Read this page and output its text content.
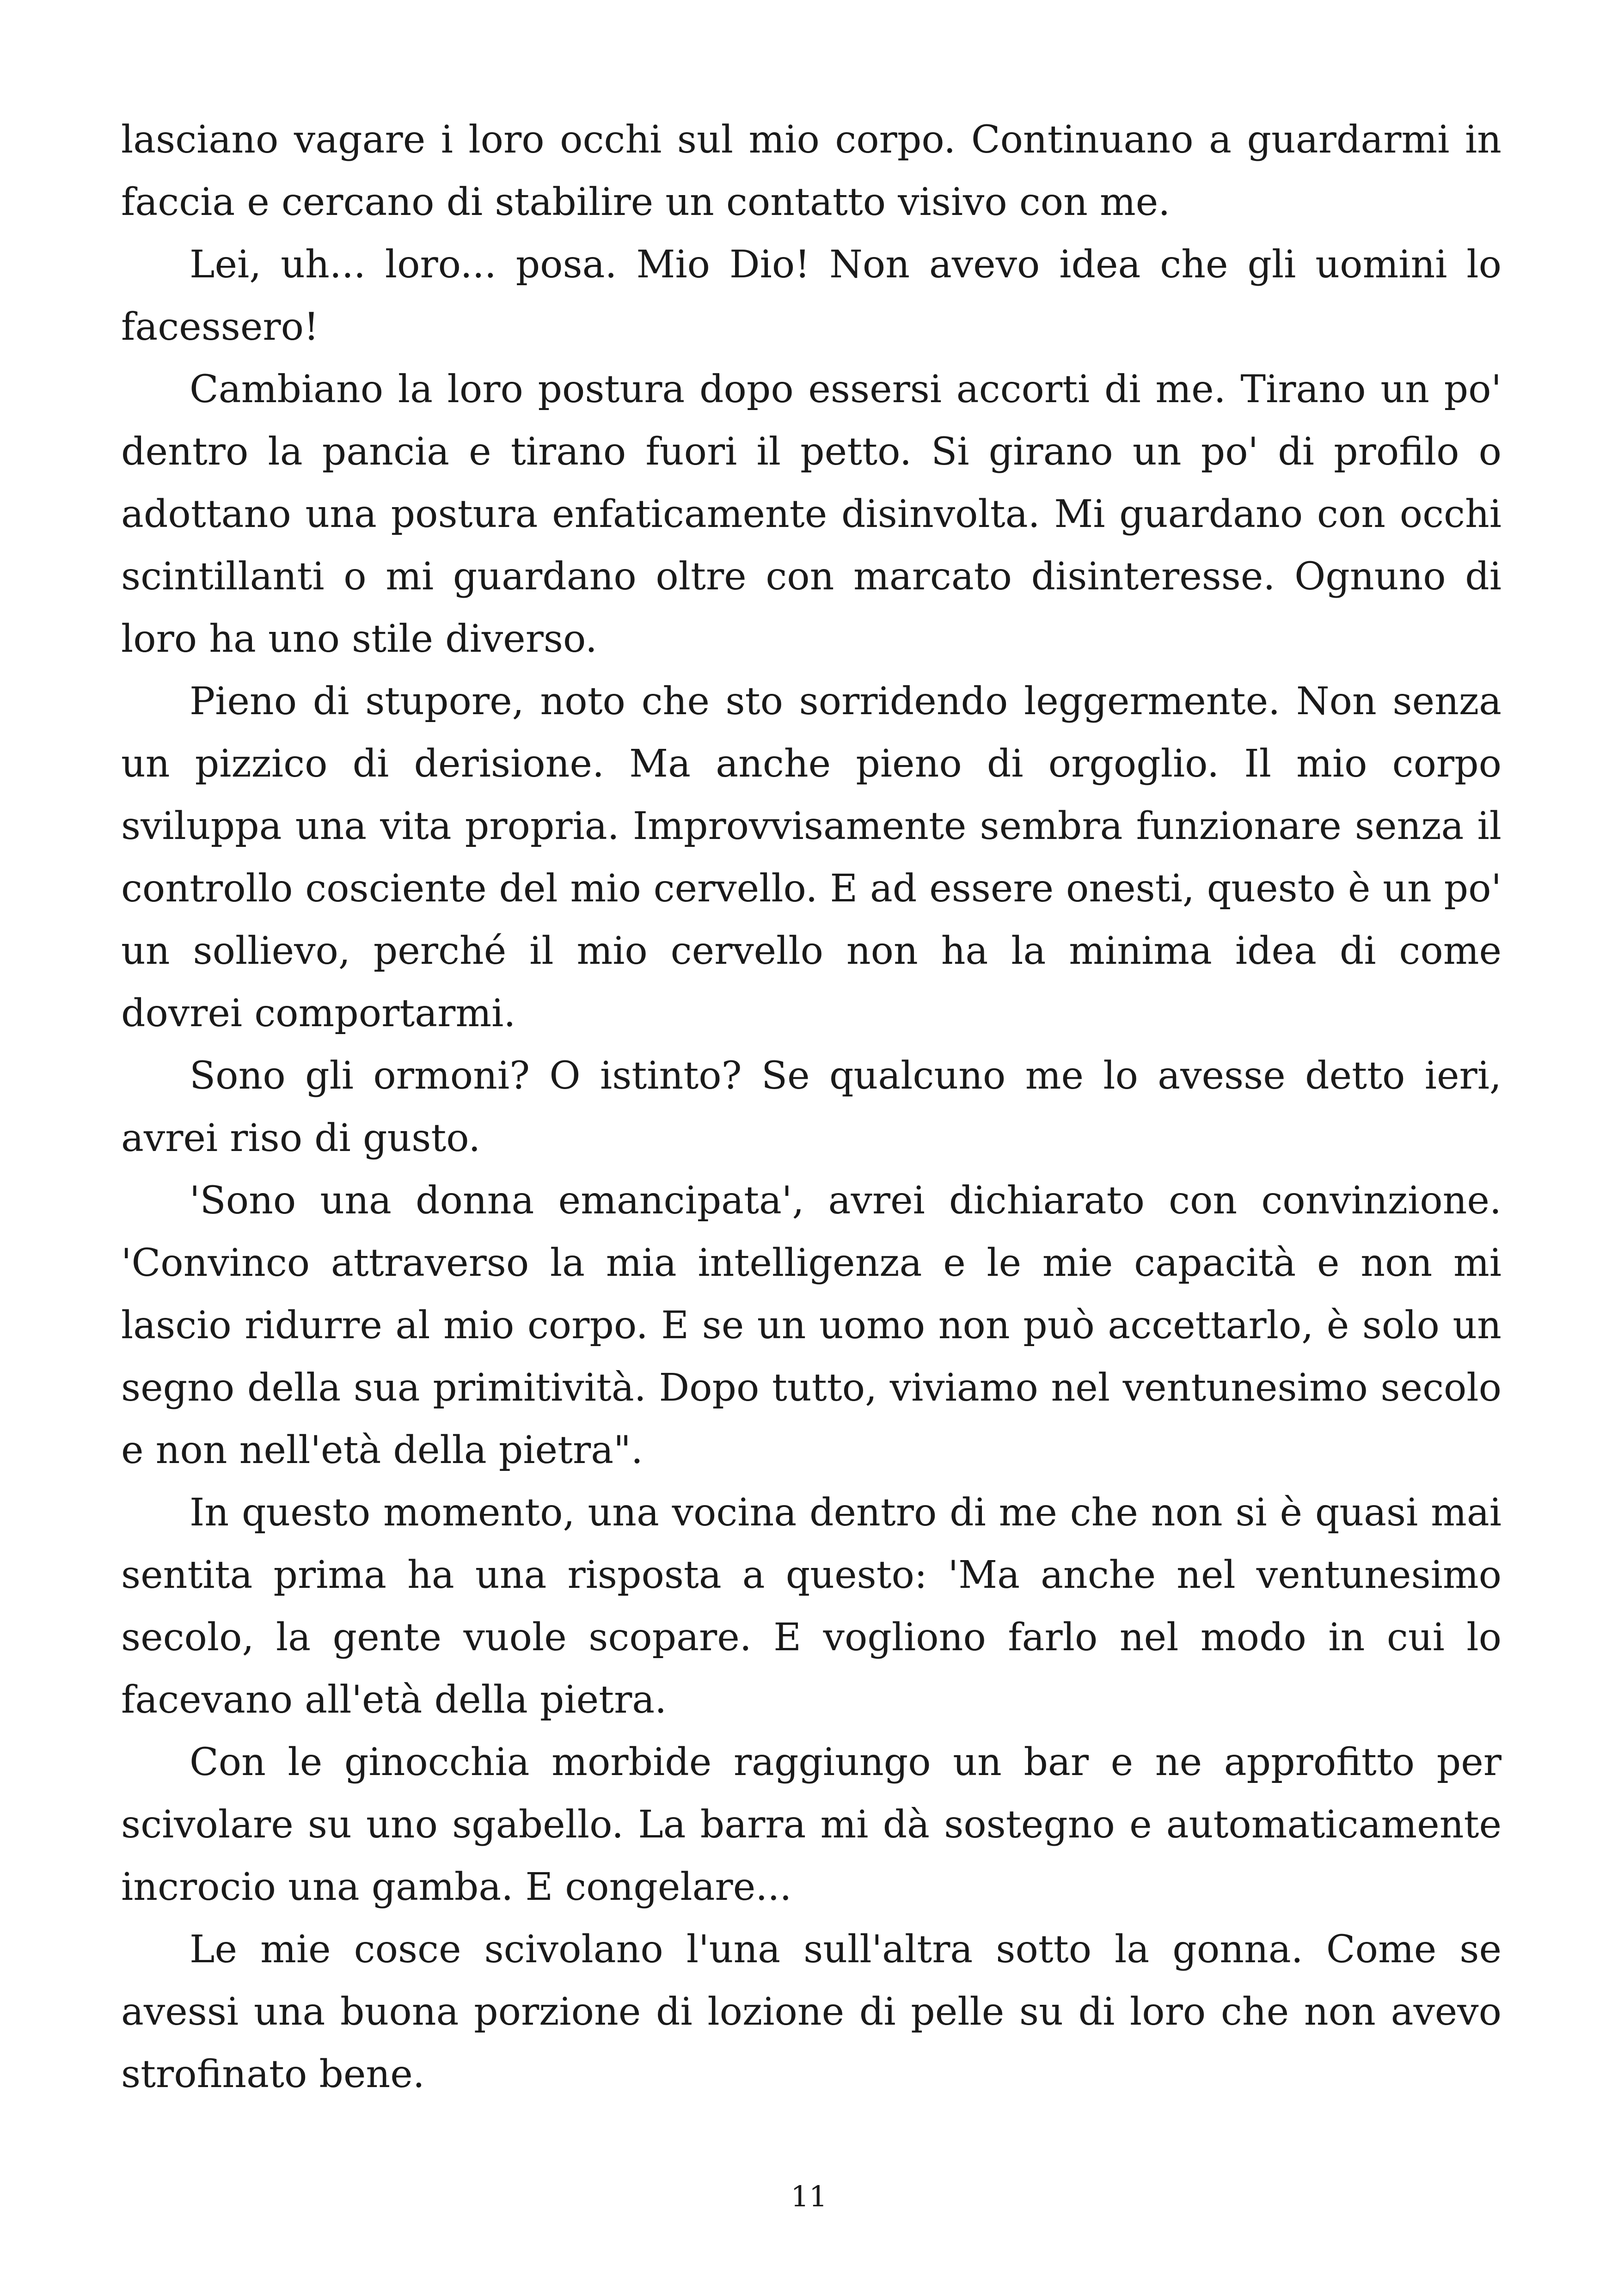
lasciano vagare i loro occhi sul mio corpo. Continuano a guardarmi in faccia e cercano di stabilire un contatto visivo con me.

Lei, uh... loro... posa. Mio Dio! Non avevo idea che gli uomini lo facessero!

Cambiano la loro postura dopo essersi accorti di me. Tirano un po' dentro la pancia e tirano fuori il petto. Si girano un po' di profilo o adottano una postura enfaticamente disinvolta. Mi guardano con occhi scintillanti o mi guardano oltre con marcato disinteresse. Ognuno di loro ha uno stile diverso.

Pieno di stupore, noto che sto sorridendo leggermente. Non senza un pizzico di derisione. Ma anche pieno di orgoglio. Il mio corpo sviluppa una vita propria. Improvvisamente sembra funzionare senza il controllo cosciente del mio cervello. E ad essere onesti, questo è un po' un sollievo, perché il mio cervello non ha la minima idea di come dovrei comportarmi.

Sono gli ormoni? O istinto? Se qualcuno me lo avesse detto ieri, avrei riso di gusto.

'Sono una donna emancipata', avrei dichiarato con convinzione. 'Convinco attraverso la mia intelligenza e le mie capacità e non mi lascio ridurre al mio corpo. E se un uomo non può accettarlo, è solo un segno della sua primitività. Dopo tutto, viviamo nel ventunesimo secolo e non nell'età della pietra".

In questo momento, una vocina dentro di me che non si è quasi mai sentita prima ha una risposta a questo: 'Ma anche nel ventunesimo secolo, la gente vuole scopare. E vogliono farlo nel modo in cui lo facevano all'età della pietra.

Con le ginocchia morbide raggiungo un bar e ne approfitto per scivolare su uno sgabello. La barra mi dà sostegno e automaticamente incrocio una gamba. E congelare...

Le mie cosce scivolano l'una sull'altra sotto la gonna. Come se avessi una buona porzione di lozione di pelle su di loro che non avevo strofinato bene.

11
